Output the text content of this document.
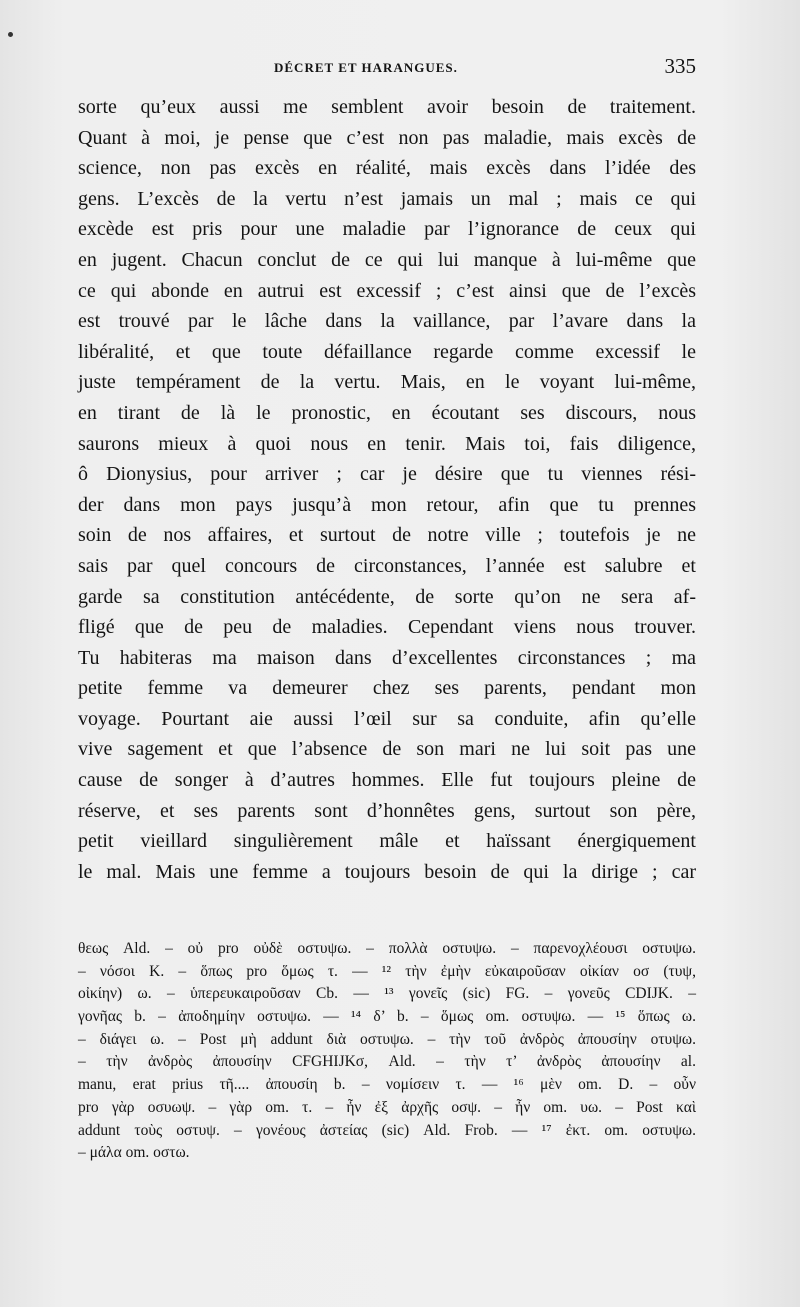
DÉCRET ET HARANGUES.	335
sorte qu’eux aussi me semblent avoir besoin de traitement.
Quant à moi, je pense que c’est non pas maladie, mais excès de
science, non pas excès en réalité, mais excès dans l’idée des
gens. L’excès de la vertu n’est jamais un mal ; mais ce qui
excède est pris pour une maladie par l’ignorance de ceux qui
en jugent. Chacun conclut de ce qui lui manque à lui-même que
ce qui abonde en autrui est excessif ; c’est ainsi que de l’excès
est trouvé par le lâche dans la vaillance, par l’avare dans la
libéralité, et que toute défaillance regarde comme excessif le
juste tempérament de la vertu. Mais, en le voyant lui-même,
en tirant de là le pronostic, en écoutant ses discours, nous
saurons mieux à quoi nous en tenir. Mais toi, fais diligence,
ô Dionysius, pour arriver ; car je désire que tu viennes rési-
der dans mon pays jusqu’à mon retour, afin que tu prennes
soin de nos affaires, et surtout de notre ville ; toutefois je ne
sais par quel concours de circonstances, l’année est salubre et
garde sa constitution antécédente, de sorte qu’on ne sera af-
fligé que de peu de maladies. Cependant viens nous trouver.
Tu habiteras ma maison dans d’excellentes circonstances ; ma
petite femme va demeurer chez ses parents, pendant mon
voyage. Pourtant aie aussi l’œil sur sa conduite, afin qu’elle
vive sagement et que l’absence de son mari ne lui soit pas une
cause de songer à d’autres hommes. Elle fut toujours pleine de
réserve, et ses parents sont d’honnêtes gens, surtout son père,
petit vieillard singulièrement mâle et haïssant énergiquement
le mal. Mais une femme a toujours besoin de qui la dirige ; car
θεως Ald. – οὐ pro οὐδὲ οστυψω. – πολλὰ οστυψω. – παρενοχλέουσι οστυψω.
– νόσοι K. – ὅπως pro ὅμως τ. — ¹² τὴν ἐμὴν εὐκαιροῦσαν οἰκίαν οσ (τυψ,
οἰκίην) ω. – ὑπερευκαιροῦσαν Cb. — ¹³ γονεῖς (sic) FG. – γονεῦς CDIJK. –
γονῆας b. – ἀποδημίην οστυψω. — ¹⁴ δ’ b. – ὅμως om. οστυψω. — ¹⁵ ὅπως ω.
– διάγει ω. – Post μὴ addunt διὰ οστυψω. – τὴν τοῦ ἀνδρὸς ἀπουσίην οτυψω.
– τὴν ἀνδρὸς ἀπουσίην CFGHIJKσ, Ald. – τὴν τ’ ἀνδρὸς ἀπουσίην al.
manu, erat prius τῆ.... ἀπουσίη b. – νομίσειν τ. — ¹⁶ μὲν om. D. – οὖν
pro γὰρ οσυωψ. – γὰρ om. τ. – ἦν ἐξ ἀρχῆς οσψ. – ἦν om. υω. – Post καὶ
addunt τοὺς οστυψ. – γονέους ἀστείας (sic) Ald. Frob. — ¹⁷ ἐκτ. om. οστυψω.
– μάλα om. οστω.
